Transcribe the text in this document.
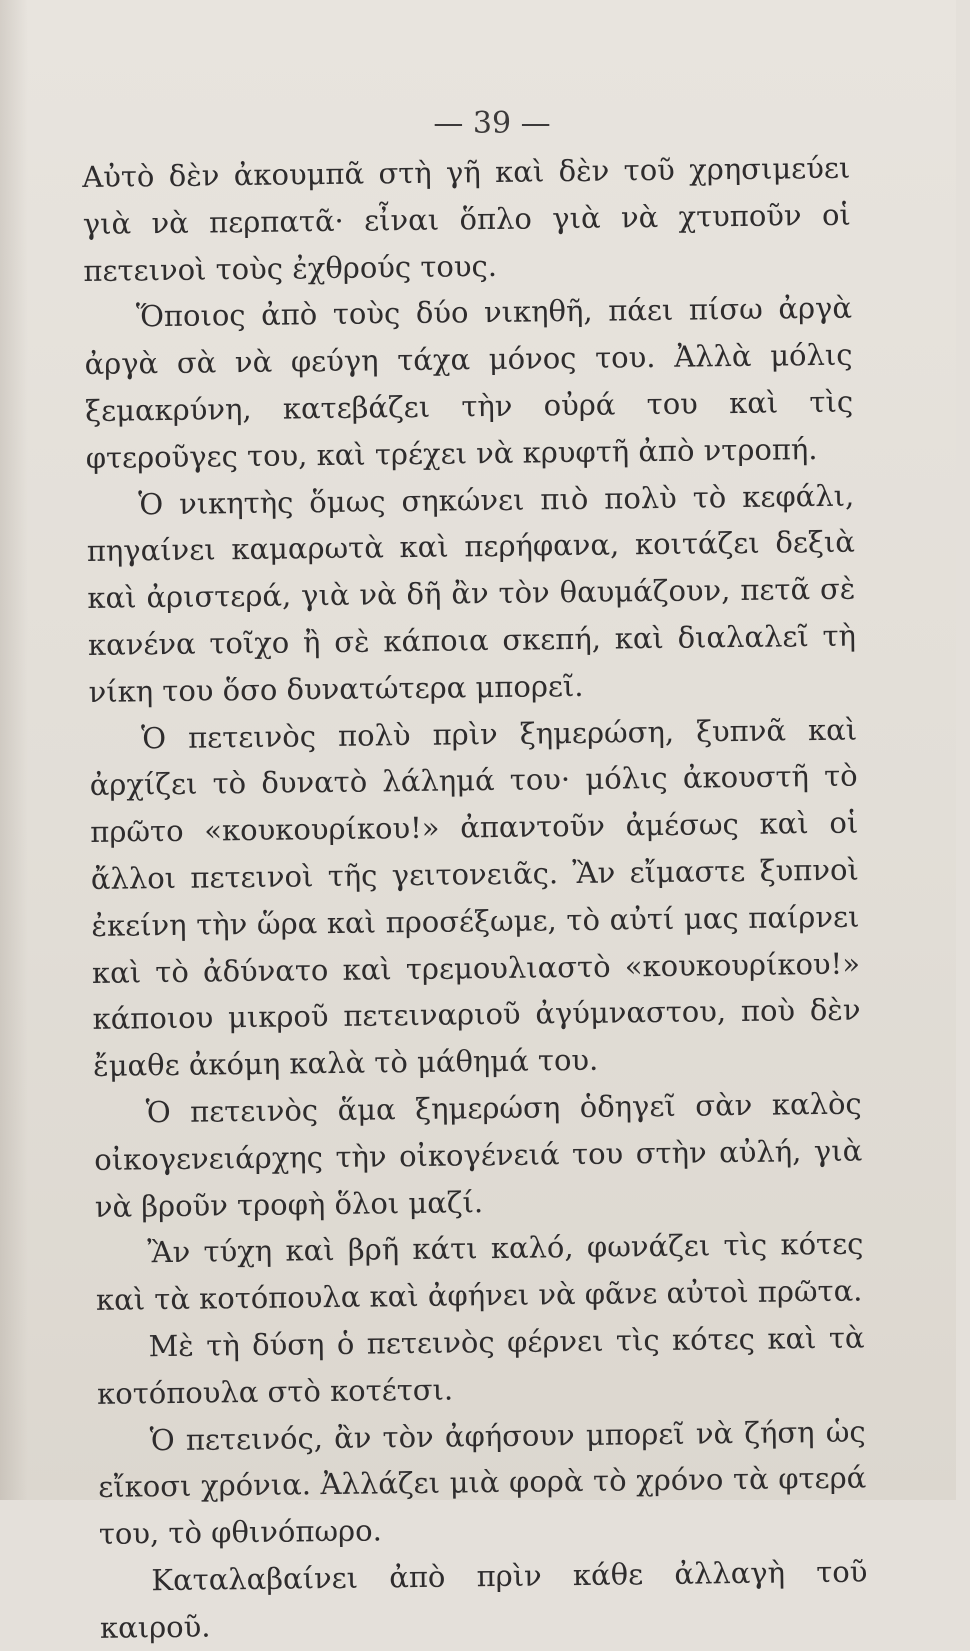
— 39 —

Αὐτὸ δὲν ἀκουμπᾶ στὴ γῆ καὶ δὲν τοῦ χρησιμεύει γιὰ νὰ περπατᾶ· εἶναι ὅπλο γιὰ νὰ χτυποῦν οἱ πετεινοὶ τοὺς ἐχθρούς τους.

Ὅποιος ἀπὸ τοὺς δύο νικηθῆ, πάει πίσω ἀργὰ ἀργὰ σὰ νὰ φεύγη τάχα μόνος του. Ἀλλὰ μόλις ξεμακρύνη, κατεβάζει τὴν οὐρά του καὶ τὶς φτεροῦγες του, καὶ τρέχει νὰ κρυφτῆ ἀπὸ ντροπή.

Ὁ νικητὴς ὅμως σηκώνει πιὸ πολὺ τὸ κεφάλι, πηγαίνει καμαρωτὰ καὶ περήφανα, κοιτάζει δεξιὰ καὶ ἀριστερά, γιὰ νὰ δῆ ἂν τὸν θαυμάζουν, πετᾶ σὲ κανένα τοῖχο ἢ σὲ κάποια σκεπή, καὶ διαλαλεῖ τὴ νίκη του ὅσο δυνατώτερα μπορεῖ.

Ὁ πετεινὸς πολὺ πρὶν ξημερώση, ξυπνᾶ καὶ ἀρχίζει τὸ δυνατὸ λάλημά του· μόλις ἀκουστῆ τὸ πρῶτο «κουκουρίκου!» ἀπαντοῦν ἀμέσως καὶ οἱ ἄλλοι πετεινοὶ τῆς γειτονειᾶς. Ἂν εἴμαστε ξυπνοὶ ἐκείνη τὴν ὥρα καὶ προσέξωμε, τὸ αὐτί μας παίρνει καὶ τὸ ἀδύνατο καὶ τρεμουλιαστὸ «κουκουρίκου!» κάποιου μικροῦ πετειναριοῦ ἀγύμναστου, ποὺ δὲν ἔμαθε ἀκόμη καλὰ τὸ μάθημά του.

Ὁ πετεινὸς ἅμα ξημερώση ὁδηγεῖ σὰν καλὸς οἰκογενειάρχης τὴν οἰκογένειά του στὴν αὐλή, γιὰ νὰ βροῦν τροφὴ ὅλοι μαζί.

Ἂν τύχη καὶ βρῆ κάτι καλό, φωνάζει τὶς κότες καὶ τὰ κοτόπουλα καὶ ἀφήνει νὰ φᾶνε αὐτοὶ πρῶτα.

Μὲ τὴ δύση ὁ πετεινὸς φέρνει τὶς κότες καὶ τὰ κοτόπουλα στὸ κοτέτσι.

Ὁ πετεινός, ἂν τὸν ἀφήσουν μπορεῖ νὰ ζήση ὡς εἴκοσι χρόνια. Ἀλλάζει μιὰ φορὰ τὸ χρόνο τὰ φτερά του, τὸ φθινόπωρο.

Καταλαβαίνει ἀπὸ πρὶν κάθε ἀλλαγὴ τοῦ καιροῦ.
